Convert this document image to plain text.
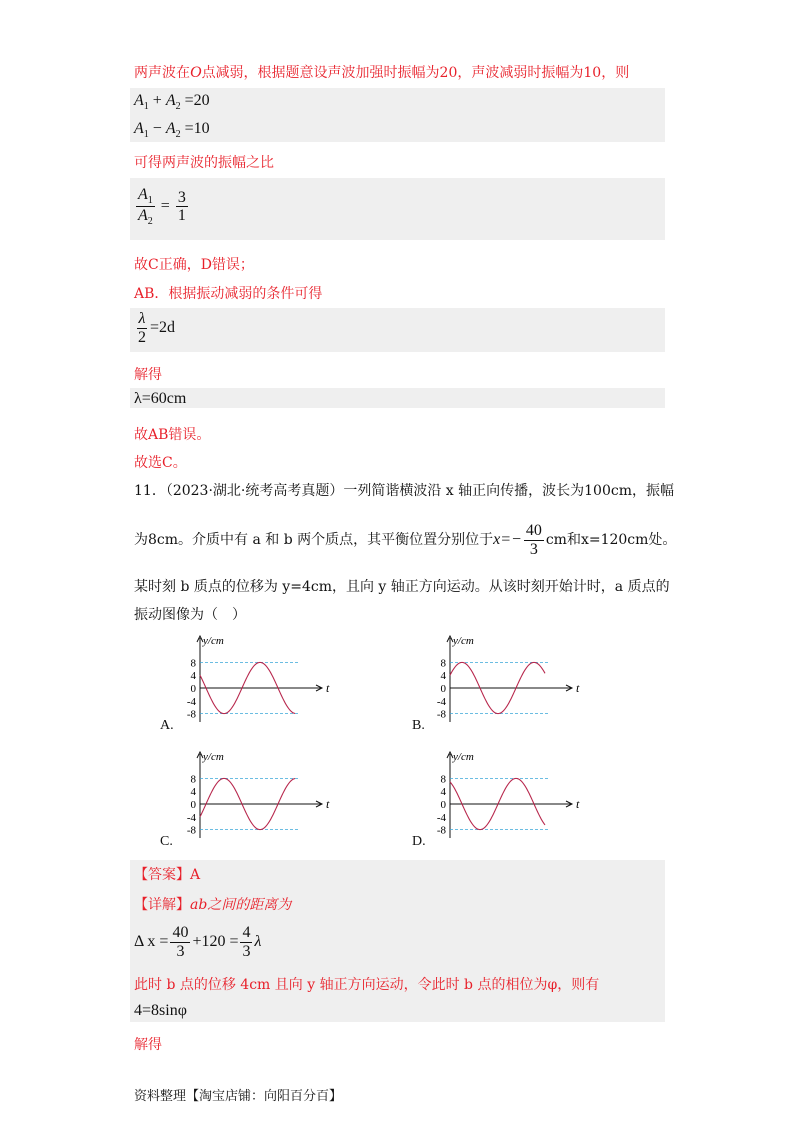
两声波在O点减弱，根据题意设声波加强时振幅为20，声波减弱时振幅为10，则
$A_1 + A_2 =20$
$A_1 - A_2 =10$
可得两声波的振幅之比
$\frac{A_1}{A_2} = \frac{3}{1}$
故C正确，D错误；
AB．根据振动减弱的条件可得
$\frac{\lambda}{2} =2d$
解得
λ=60cm
故AB错误。
故选C。
11．（2023·湖北·统考高考真题）一列简谐横波沿 x 轴正向传播，波长为100cm，振幅
为8cm。介质中有 a 和 b 两个质点，其平衡位置分别位于$x=- \frac{40}{3}$ cm和x=120cm处。
某时刻 b 质点的位移为 y=4cm，且向 y 轴正方向运动。从该时刻开始计时，a 质点的
振动图像为（　）
y/cm
t
8
4
0
-4
-8
A.
y/cm
t
8
4
0
-4
-8
B.
y/cm
t
8
4
0
-4
-8
C.
y/cm
t
8
4
0
-4
-8
D.
【答案】A
【详解】ab之间的距离为
Δ $x = \frac{40}{3} +120 = \frac{4}{3}$ λ
此时 b 点的位移 4cm 且向 y 轴正方向运动，令此时 b 点的相位为φ，则有
4=8sinφ
解得
资料整理【淘宝店铺：向阳百分百】
